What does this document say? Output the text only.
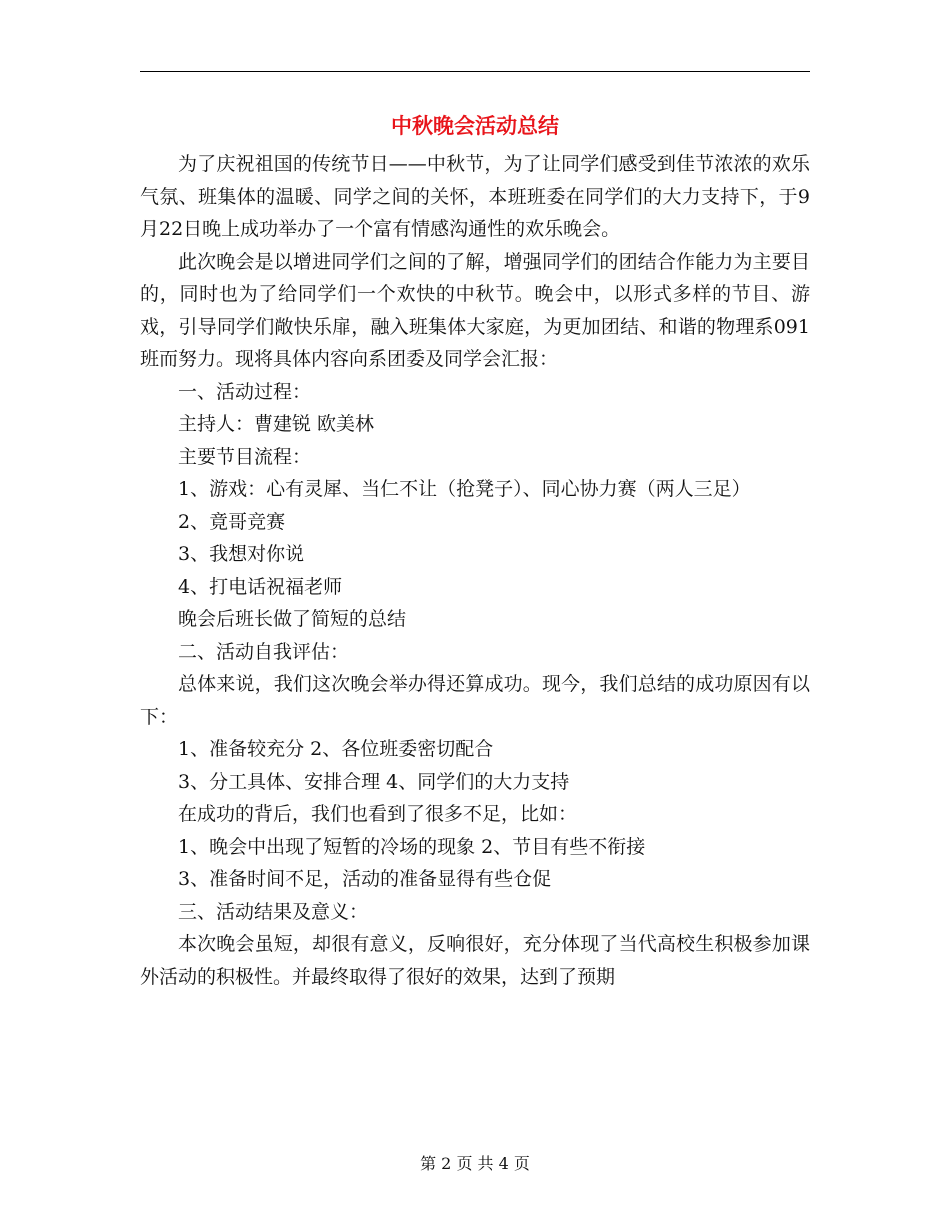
中秋晚会活动总结

为了庆祝祖国的传统节日——中秋节，为了让同学们感受到佳节浓浓的欢乐气氛、班集体的温暖、同学之间的关怀，本班班委在同学们的大力支持下，于9月22日晚上成功举办了一个富有情感沟通性的欢乐晚会。

此次晚会是以增进同学们之间的了解，增强同学们的团结合作能力为主要目的，同时也为了给同学们一个欢快的中秋节。晚会中，以形式多样的节目、游戏，引导同学们敞快乐扉，融入班集体大家庭，为更加团结、和谐的物理系091班而努力。现将具体内容向系团委及同学会汇报：

一、活动过程：

主持人：曹建锐 欧美林

主要节目流程：

1、游戏：心有灵犀、当仁不让（抢凳子）、同心协力赛（两人三足）

2、竟哥竞赛

3、我想对你说

4、打电话祝福老师

晚会后班长做了简短的总结

二、活动自我评估：

总体来说，我们这次晚会举办得还算成功。现今，我们总结的成功原因有以下：

1、准备较充分 2、各位班委密切配合

3、分工具体、安排合理 4、同学们的大力支持

在成功的背后，我们也看到了很多不足，比如：

1、晚会中出现了短暂的冷场的现象 2、节目有些不衔接

3、准备时间不足，活动的准备显得有些仓促

三、活动结果及意义：

本次晚会虽短，却很有意义，反响很好，充分体现了当代高校生积极参加课外活动的积极性。并最终取得了很好的效果，达到了预期

第 2 页 共 4 页
